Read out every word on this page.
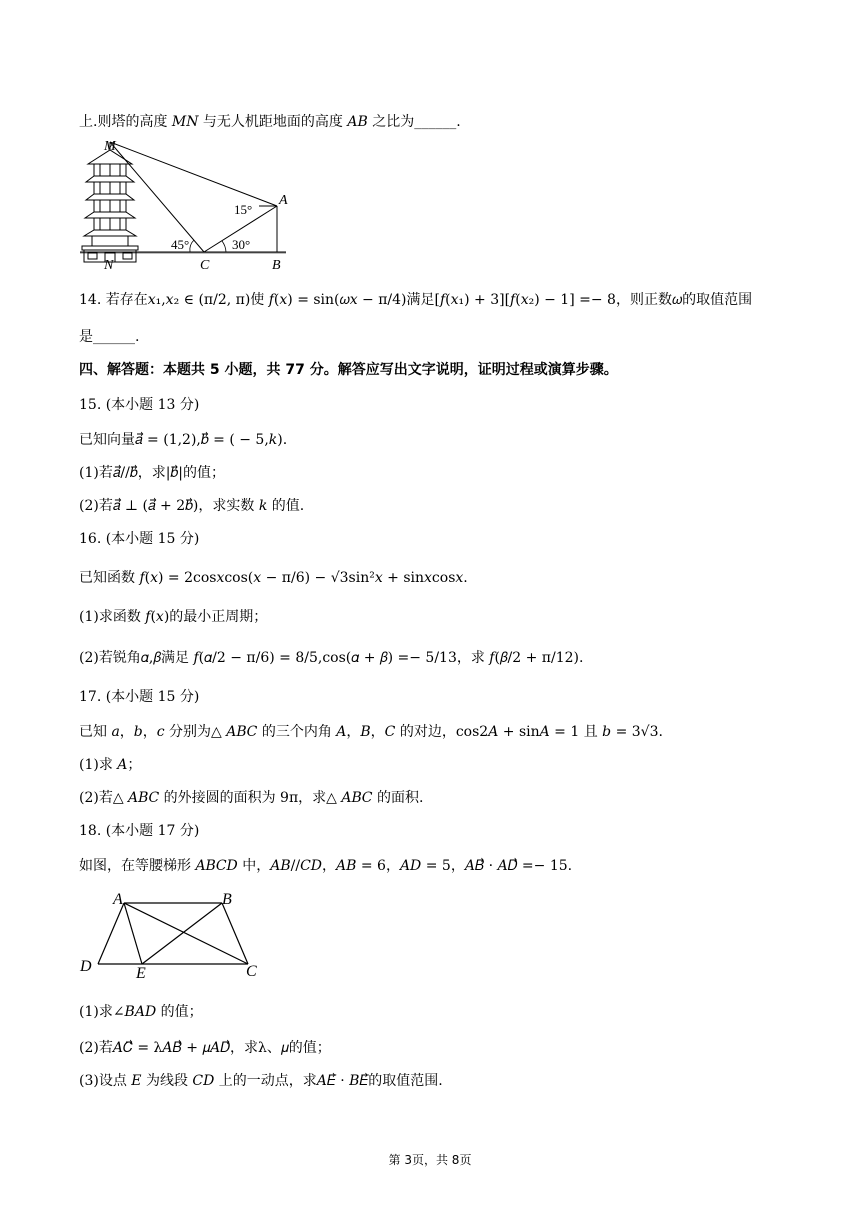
上.则塔的高度 𝑀𝑁 与无人机距地面的高度 𝐴𝐵 之比为______.
M
A
15°
45°	30°
N	C	B
14. 若存在𝑥₁,𝑥₂ ∈ (π/2, π)使 𝑓(𝑥) = sin(𝜔𝑥 − π/4)满足[𝑓(𝑥₁) + 3][𝑓(𝑥₂) − 1] =− 8，则正数𝜔的取值范围
是______.
四、解答题：本题共 5 小题，共 77 分。解答应写出文字说明，证明过程或演算步骤。
15. (本小题 13 分)
已知向量𝑎⃗ = (1,2),𝑏⃗ = ( − 5,𝑘).
(1)若𝑎⃗//𝑏⃗，求|𝑏⃗|的值；
(2)若𝑎⃗ ⊥ (𝑎⃗ + 2𝑏⃗)，求实数 𝑘 的值.
16. (本小题 15 分)
已知函数 𝑓(𝑥) = 2cos𝑥cos(𝑥 − π/6) − √3sin²𝑥 + sin𝑥cos𝑥.
(1)求函数 𝑓(𝑥)的最小正周期；
(2)若锐角𝛼,𝛽满足 𝑓(𝛼/2 − π/6) = 8/5,cos(𝛼 + 𝛽) =− 5/13，求 𝑓(𝛽/2 + π/12).
17. (本小题 15 分)
已知 𝑎，𝑏，𝑐 分别为△ 𝐴𝐵𝐶 的三个内角 𝐴，𝐵，𝐶 的对边，cos2𝐴 + sin𝐴 = 1 且 𝑏 = 3√3.
(1)求 𝐴；
(2)若△ 𝐴𝐵𝐶 的外接圆的面积为 9π，求△ 𝐴𝐵𝐶 的面积.
18. (本小题 17 分)
如图，在等腰梯形 𝐴𝐵𝐶𝐷 中，𝐴𝐵//𝐶𝐷，𝐴𝐵 = 6，𝐴𝐷 = 5，𝐴𝐵⃗ · 𝐴𝐷⃗ =− 15.
A	B
D	E	C
(1)求∠𝐵𝐴𝐷 的值；
(2)若𝐴𝐶⃗ = λ𝐴𝐵⃗ + 𝜇𝐴𝐷⃗，求λ、𝜇的值；
(3)设点 𝐸 为线段 𝐶𝐷 上的一动点，求𝐴𝐸⃗ · 𝐵𝐸⃗的取值范围.
第 3页，共 8页
